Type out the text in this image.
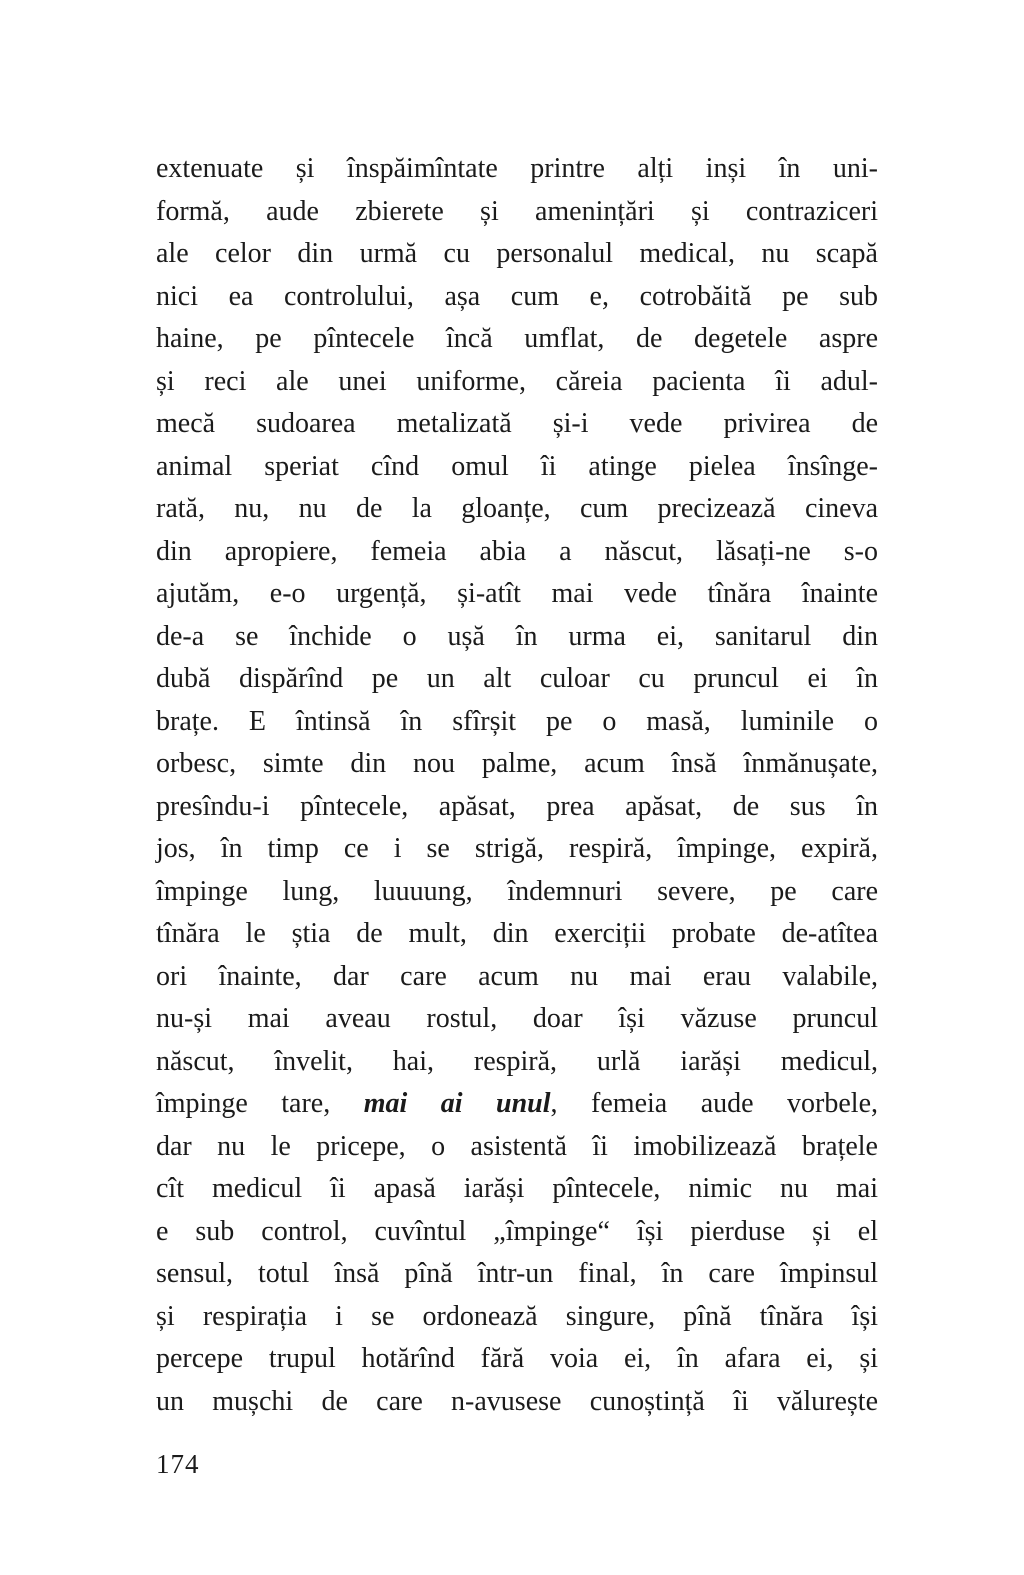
extenuate și înspăimîntate printre alți inși în uni-
formă, aude zbierete și amenințări și contraziceri
ale celor din urmă cu personalul medical, nu scapă
nici ea controlului, așa cum e, cotrobăită pe sub
haine, pe pîntecele încă umflat, de degetele aspre
și reci ale unei uniforme, căreia pacienta îi adul-
mecă sudoarea metalizată și-i vede privirea de
animal speriat cînd omul îi atinge pielea însînge-
rată, nu, nu de la gloanțe, cum precizează cineva
din apropiere, femeia abia a născut, lăsați-ne s-o
ajutăm, e-o urgență, și-atît mai vede tînăra înainte
de-a se închide o ușă în urma ei, sanitarul din
dubă dispărînd pe un alt culoar cu pruncul ei în
brațe. E întinsă în sfîrșit pe o masă, luminile o
orbesc, simte din nou palme, acum însă înmănușate,
presîndu-i pîntecele, apăsat, prea apăsat, de sus în
jos, în timp ce i se strigă, respiră, împinge, expiră,
împinge lung, luuuung, îndemnuri severe, pe care
tînăra le știa de mult, din exerciții probate de-atîtea
ori înainte, dar care acum nu mai erau valabile,
nu-și mai aveau rostul, doar își văzuse pruncul
născut, învelit, hai, respiră, urlă iarăși medicul,
împinge tare, mai ai unul, femeia aude vorbele,
dar nu le pricepe, o asistentă îi imobilizează brațele
cît medicul îi apasă iarăși pîntecele, nimic nu mai
e sub control, cuvîntul „împinge“ își pierduse și el
sensul, totul însă pînă într-un final, în care împinsul
și respirația i se ordonează singure, pînă tînăra își
percepe trupul hotărînd fără voia ei, în afara ei, și
un mușchi de care n-avusese cunoștință îi vălurește
174
